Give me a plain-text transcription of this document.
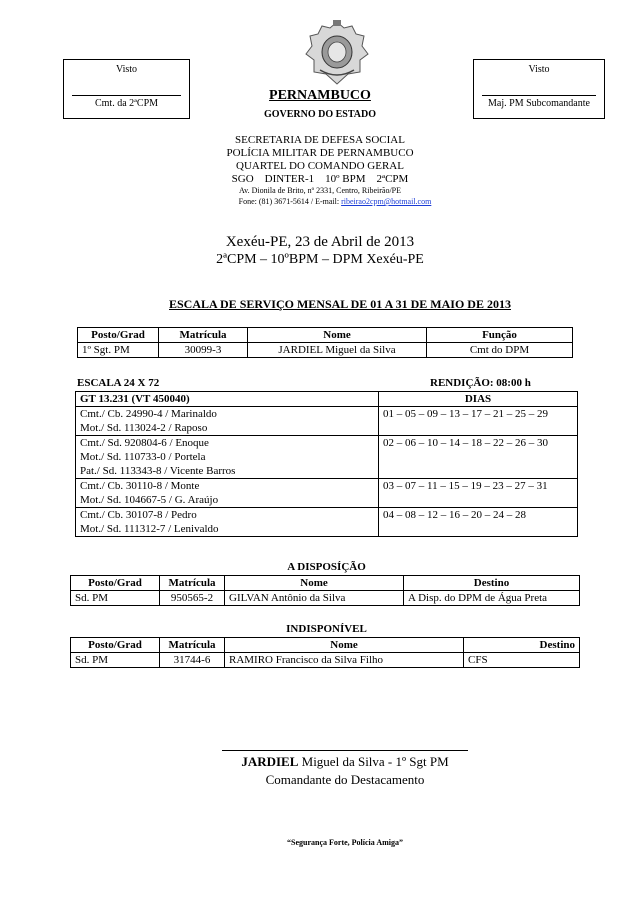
Visto
Cmt. da 2ªCPM
Visto
Maj. PM Subcomandante
PERNAMBUCO
GOVERNO DO ESTADO
SECRETARIA DE DEFESA SOCIAL
POLÍCIA MILITAR DE PERNAMBUCO
QUARTEL DO COMANDO GERAL
SGO    DINTER-1    10º BPM    2ªCPM
Av. Dionila de Brito, nº 2331, Centro, Ribeirão/PE
Fone: (81) 3671-5614 / E-mail: ribeirao2cpm@hotmail.com
Xexéu-PE, 23 de Abril de 2013
2ªCPM – 10ºBPM – DPM Xexéu-PE
ESCALA DE SERVIÇO MENSAL DE 01 A 31 DE MAIO DE 2013
Posto/Grad	Matrícula	Nome	Função
1º Sgt. PM	30099-3	JARDIEL Miguel da Silva	Cmt do DPM
ESCALA 24 X 72	RENDIÇÃO: 08:00 h
GT 13.231 (VT 450040)	DIAS

Cmt./ Cb. 24990-4 / Marinaldo
Mot./ Sd. 113024-2 / Raposo	01 – 05 – 09 – 13 – 17 – 21 – 25 – 29

Cmt./ Sd. 920804-6 / Enoque
Mot./ Sd. 110733-0 / Portela
Pat./ Sd. 113343-8 / Vicente Barros	02 – 06 – 10 – 14 – 18 – 22 – 26 – 30

Cmt./ Cb. 30110-8 / Monte
Mot./ Sd. 104667-5 / G. Araújo	03 – 07 – 11 – 15 – 19 – 23 – 27 – 31

Cmt./ Cb. 30107-8 / Pedro
Mot./ Sd. 111312-7 / Lenivaldo	04 – 08 – 12 – 16 – 20 – 24 – 28
A DISPOSÍÇÃO
Posto/Grad	Matrícula	Nome	Destino
Sd. PM	950565-2	GILVAN Antônio da Silva	A Disp. do DPM de Água Preta
INDISPONÍVEL
Posto/Grad	Matrícula	Nome	Destino
Sd. PM	31744-6	RAMIRO Francisco da Silva Filho	CFS
JARDIEL Miguel da Silva - 1º Sgt PM
Comandante do Destacamento
“Segurança Forte, Polícia Amiga”
